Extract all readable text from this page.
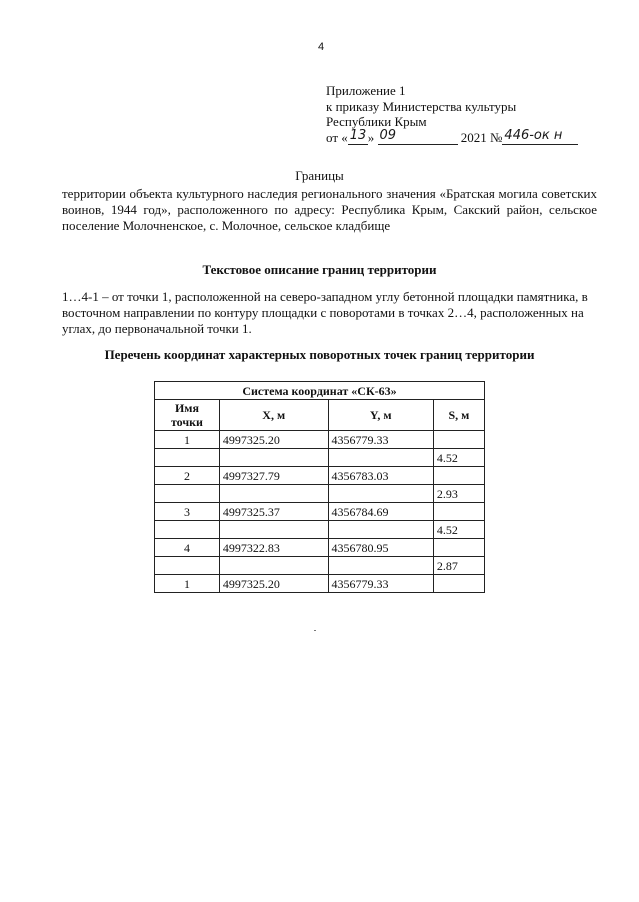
4
Приложение 1
к приказу Министерства культуры
Республики Крым
от « 13 » 09	2021 № 446-ок н
Границы
территории объекта культурного наследия регионального значения «Братская могила советских воинов, 1944 год», расположенного по адресу: Республика Крым, Сакский район, сельское поселение Молочненское, с. Молочное, сельское кладбище
Текстовое описание границ территории
1…4-1 – от точки 1, расположенной на северо-западном углу бетонной площадки памятника, в восточном направлении по контуру площадки с поворотами в точках 2…4, расположенных на углах, до первоначальной точки 1.
Перечень координат характерных поворотных точек границ территории
Система координат «СК-63»			
Имя точки	X, м	Y, м	S, м
1	4997325.20	4356779.33	
			4.52
2	4997327.79	4356783.03	
			2.93
3	4997325.37	4356784.69	
			4.52
4	4997322.83	4356780.95	
			2.87
1	4997325.20	4356779.33	
